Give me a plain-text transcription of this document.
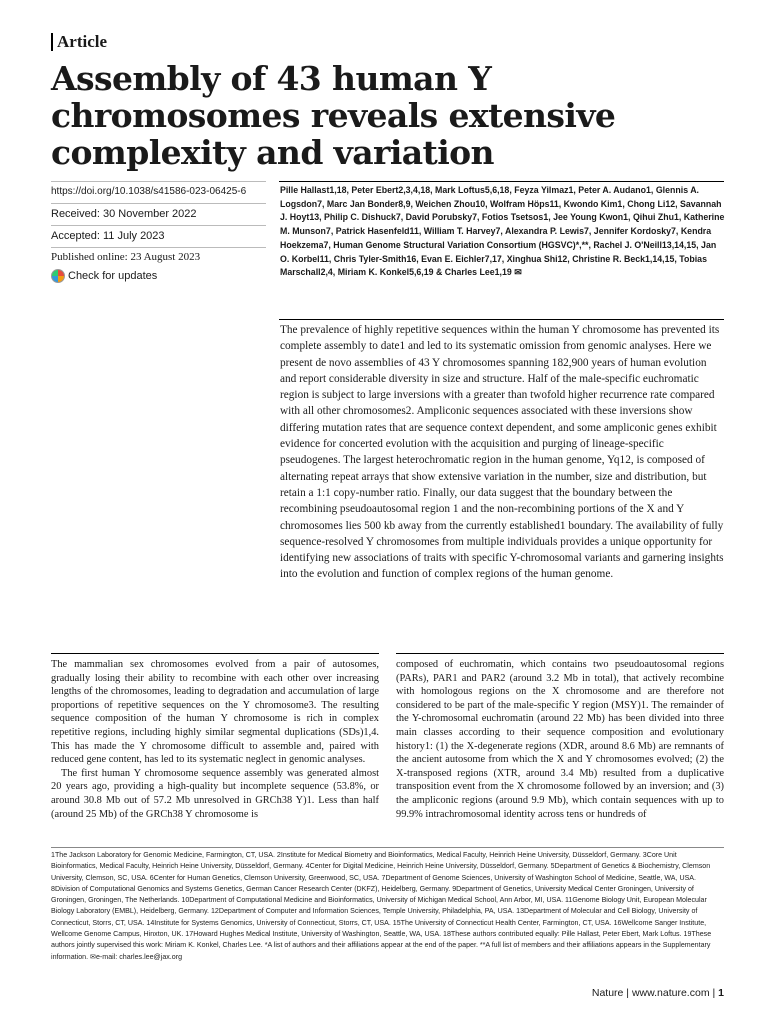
Article
Assembly of 43 human Y chromosomes reveals extensive complexity and variation
https://doi.org/10.1038/s41586-023-06425-6
Received: 30 November 2022
Accepted: 11 July 2023
Published online: 23 August 2023
Check for updates
Pille Hallast1,18, Peter Ebert2,3,4,18, Mark Loftus5,6,18, Feyza Yilmaz1, Peter A. Audano1, Glennis A. Logsdon7, Marc Jan Bonder8,9, Weichen Zhou10, Wolfram Höps11, Kwondo Kim1, Chong Li12, Savannah J. Hoyt13, Philip C. Dishuck7, David Porubsky7, Fotios Tsetsos1, Jee Young Kwon1, Qihui Zhu1, Katherine M. Munson7, Patrick Hasenfeld11, William T. Harvey7, Alexandra P. Lewis7, Jennifer Kordosky7, Kendra Hoekzema7, Human Genome Structural Variation Consortium (HGSVC)*,**, Rachel J. O'Neill13,14,15, Jan O. Korbel11, Chris Tyler-Smith16, Evan E. Eichler7,17, Xinghua Shi12, Christine R. Beck1,14,15, Tobias Marschall2,4, Miriam K. Konkel5,6,19 & Charles Lee1,19 ✉
The prevalence of highly repetitive sequences within the human Y chromosome has prevented its complete assembly to date1 and led to its systematic omission from genomic analyses. Here we present de novo assemblies of 43 Y chromosomes spanning 182,900 years of human evolution and report considerable diversity in size and structure. Half of the male-specific euchromatic region is subject to large inversions with a greater than twofold higher recurrence rate compared with all other chromosomes2. Ampliconic sequences associated with these inversions show differing mutation rates that are sequence context dependent, and some ampliconic genes exhibit evidence for concerted evolution with the acquisition and purging of lineage-specific pseudogenes. The largest heterochromatic region in the human genome, Yq12, is composed of alternating repeat arrays that show extensive variation in the number, size and distribution, but retain a 1:1 copy-number ratio. Finally, our data suggest that the boundary between the recombining pseudoautosomal region 1 and the non-recombining portions of the X and Y chromosomes lies 500 kb away from the currently established1 boundary. The availability of fully sequence-resolved Y chromosomes from multiple individuals provides a unique opportunity for identifying new associations of traits with specific Y-chromosomal variants and garnering insights into the evolution and function of complex regions of the human genome.

The mammalian sex chromosomes evolved from a pair of autosomes, gradually losing their ability to recombine with each other over increasing lengths of the chromosomes, leading to degradation and accumulation of large proportions of repetitive sequences on the Y chromosome3. The resulting sequence composition of the human Y chromosome is rich in complex repetitive regions, including highly similar segmental duplications (SDs)1,4. This has made the Y chromosome difficult to assemble and, paired with reduced gene content, has led to its systematic neglect in genomic analyses.

The first human Y chromosome sequence assembly was generated almost 20 years ago, providing a high-quality but incomplete sequence (53.8%, or around 30.8 Mb out of 57.2 Mb unresolved in GRCh38 Y)1. Less than half (around 25 Mb) of the GRCh38 Y chromosome is

composed of euchromatin, which contains two pseudoautosomal regions (PARs), PAR1 and PAR2 (around 3.2 Mb in total), that actively recombine with homologous regions on the X chromosome and are therefore not considered to be part of the male-specific Y region (MSY)1. The remainder of the Y-chromosomal euchromatin (around 22 Mb) has been divided into three main classes according to their sequence composition and evolutionary history1: (1) the X-degenerate regions (XDR, around 8.6 Mb) are remnants of the ancient autosome from which the X and Y chromosomes evolved; (2) the X-transposed regions (XTR, around 3.4 Mb) resulted from a duplicative transposition event from the X chromosome followed by an inversion; and (3) the ampliconic regions (around 9.9 Mb), which contain sequences with up to 99.9% intrachromosomal identity across tens or hundreds of

1The Jackson Laboratory for Genomic Medicine, Farmington, CT, USA. 2Institute for Medical Biometry and Bioinformatics, Medical Faculty, Heinrich Heine University, Düsseldorf, Germany. 3Core Unit Bioinformatics, Medical Faculty, Heinrich Heine University, Düsseldorf, Germany. 4Center for Digital Medicine, Heinrich Heine University, Düsseldorf, Germany. 5Department of Genetics & Biochemistry, Clemson University, Clemson, SC, USA. 6Center for Human Genetics, Clemson University, Greenwood, SC, USA. 7Department of Genome Sciences, University of Washington School of Medicine, Seattle, WA, USA. 8Division of Computational Genomics and Systems Genetics, German Cancer Research Center (DKFZ), Heidelberg, Germany. 9Department of Genetics, University Medical Center Groningen, University of Groningen, Groningen, The Netherlands. 10Department of Computational Medicine and Bioinformatics, University of Michigan Medical School, Ann Arbor, MI, USA. 11Genome Biology Unit, European Molecular Biology Laboratory (EMBL), Heidelberg, Germany. 12Department of Computer and Information Sciences, Temple University, Philadelphia, PA, USA. 13Department of Molecular and Cell Biology, University of Connecticut, Storrs, CT, USA. 14Institute for Systems Genomics, University of Connecticut, Storrs, CT, USA. 15The University of Connecticut Health Center, Farmington, CT, USA. 16Wellcome Sanger Institute, Wellcome Genome Campus, Hinxton, UK. 17Howard Hughes Medical Institute, University of Washington, Seattle, WA, USA. 18These authors contributed equally: Pille Hallast, Peter Ebert, Mark Loftus. 19These authors jointly supervised this work: Miriam K. Konkel, Charles Lee. *A list of authors and their affiliations appear at the end of the paper. **A full list of members and their affiliations appears in the Supplementary information. ✉e-mail: charles.lee@jax.org
Nature | www.nature.com | 1
